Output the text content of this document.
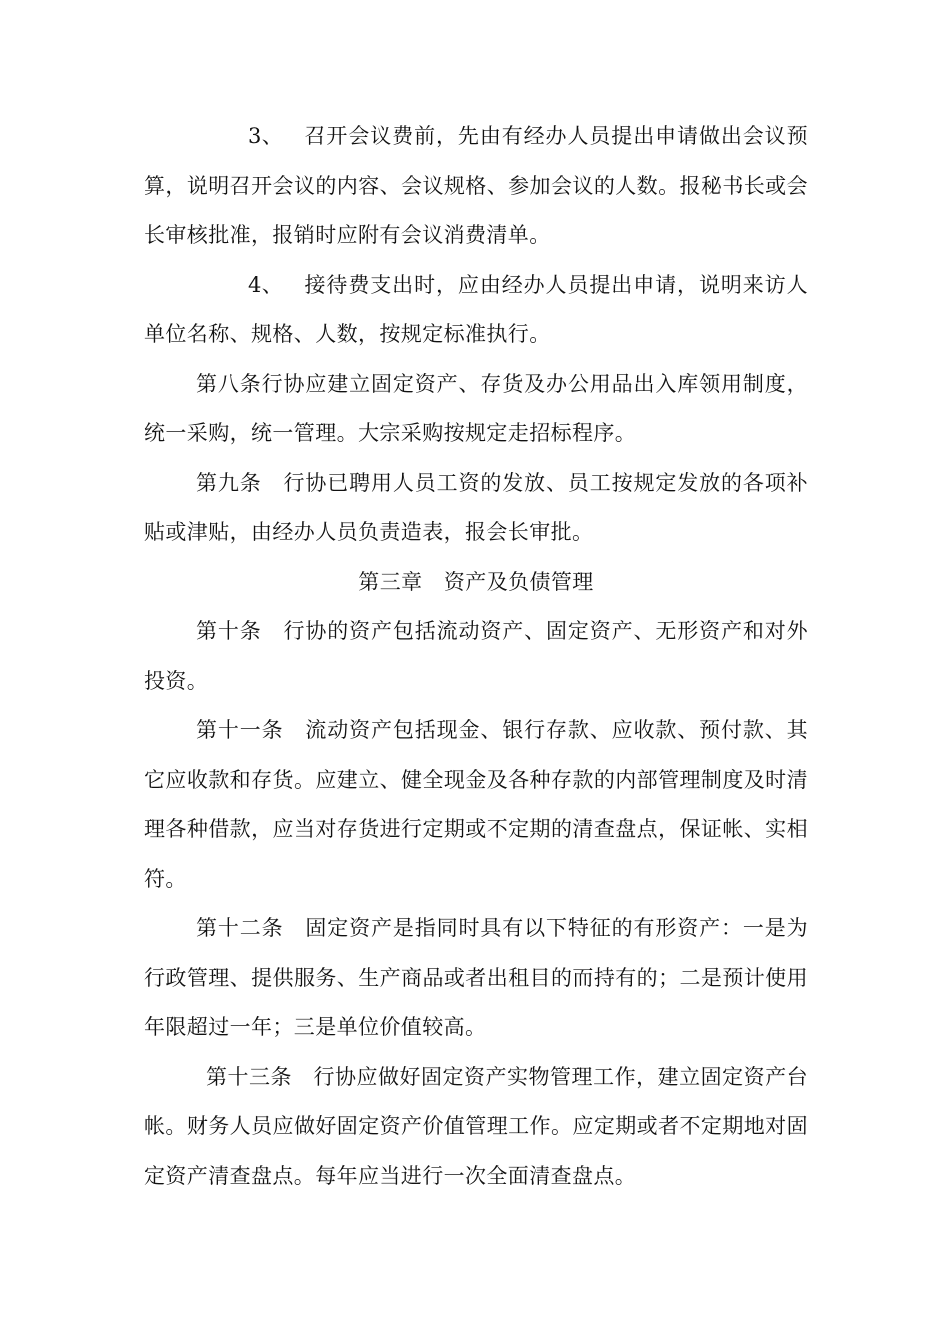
3、 召开会议费前，先由有经办人员提出申请做出会议预算，说明召开会议的内容、会议规格、参加会议的人数。报秘书长或会长审核批准，报销时应附有会议消费清单。

4、 接待费支出时，应由经办人员提出申请，说明来访人单位名称、规格、人数，按规定标准执行。

第八条行协应建立固定资产、存货及办公用品出入库领用制度，统一采购，统一管理。大宗采购按规定走招标程序。

第九条　行协已聘用人员工资的发放、员工按规定发放的各项补贴或津贴，由经办人员负责造表，报会长审批。

第三章　资产及负债管理

第十条　行协的资产包括流动资产、固定资产、无形资产和对外投资。

第十一条　流动资产包括现金、银行存款、应收款、预付款、其它应收款和存货。应建立、健全现金及各种存款的内部管理制度及时清理各种借款，应当对存货进行定期或不定期的清查盘点，保证帐、实相符。

第十二条　固定资产是指同时具有以下特征的有形资产：一是为行政管理、提供服务、生产商品或者出租目的而持有的；二是预计使用年限超过一年；三是单位价值较高。

第十三条　行协应做好固定资产实物管理工作，建立固定资产台帐。财务人员应做好固定资产价值管理工作。应定期或者不定期地对固定资产清查盘点。每年应当进行一次全面清查盘点。
